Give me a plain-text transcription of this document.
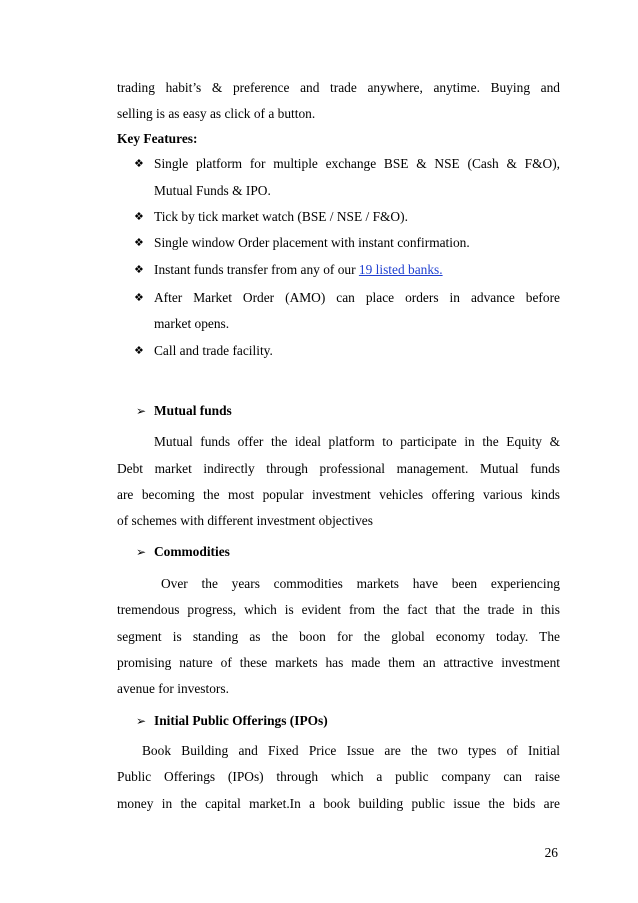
trading habit’s & preference and trade anywhere, anytime. Buying and
selling is as easy as click of a button.
Key Features:
❖ Single platform for multiple exchange BSE & NSE (Cash & F&O),
Mutual Funds & IPO.
❖ Tick by tick market watch (BSE / NSE / F&O).
❖ Single window Order placement with instant confirmation.
❖ Instant funds transfer from any of our 19 listed banks.
❖ After Market Order (AMO) can place orders in advance before
market opens.
❖ Call and trade facility.
➢ Mutual funds
Mutual funds offer the ideal platform to participate in the Equity &
Debt market indirectly through professional management. Mutual funds
are becoming the most popular investment vehicles offering various kinds
of schemes with different investment objectives
➢ Commodities
Over the years commodities markets have been experiencing
tremendous progress, which is evident from the fact that the trade in this
segment is standing as the boon for the global economy today. The
promising nature of these markets has made them an attractive investment
avenue for investors.
➢ Initial Public Offerings (IPOs)
Book Building and Fixed Price Issue are the two types of Initial
Public Offerings (IPOs) through which a public company can raise
money in the capital market.In a book building public issue the bids are
26
